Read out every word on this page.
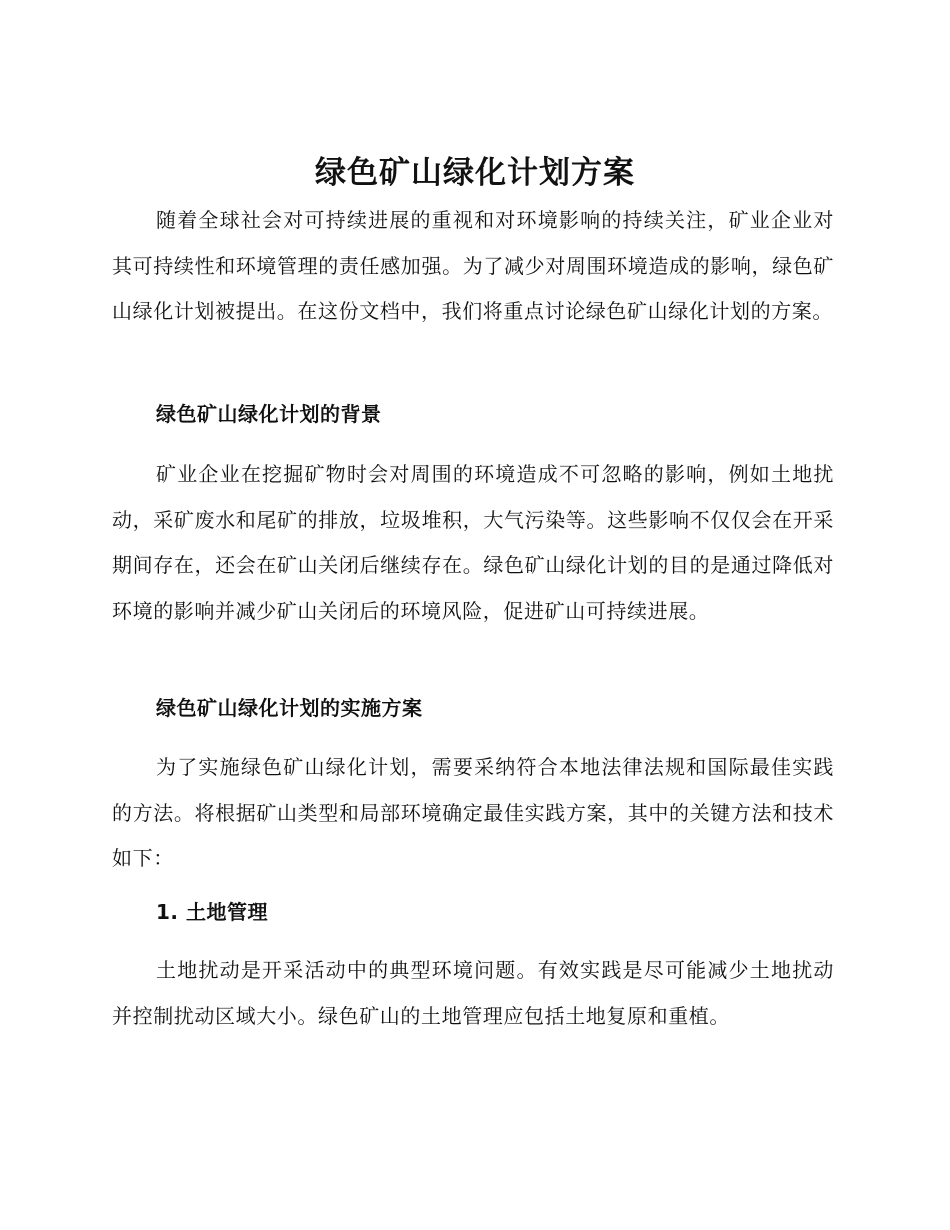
绿色矿山绿化计划方案

随着全球社会对可持续进展的重视和对环境影响的持续关注，矿业企业对其可持续性和环境管理的责任感加强。为了减少对周围环境造成的影响，绿色矿山绿化计划被提出。在这份文档中，我们将重点讨论绿色矿山绿化计划的方案。

绿色矿山绿化计划的背景

矿业企业在挖掘矿物时会对周围的环境造成不可忽略的影响，例如土地扰动，采矿废水和尾矿的排放，垃圾堆积，大气污染等。这些影响不仅仅会在开采期间存在，还会在矿山关闭后继续存在。绿色矿山绿化计划的目的是通过降低对环境的影响并减少矿山关闭后的环境风险，促进矿山可持续进展。

绿色矿山绿化计划的实施方案

为了实施绿色矿山绿化计划，需要采纳符合本地法律法规和国际最佳实践的方法。将根据矿山类型和局部环境确定最佳实践方案，其中的关键方法和技术如下：

1. 土地管理

土地扰动是开采活动中的典型环境问题。有效实践是尽可能减少土地扰动并控制扰动区域大小。绿色矿山的土地管理应包括土地复原和重植。
